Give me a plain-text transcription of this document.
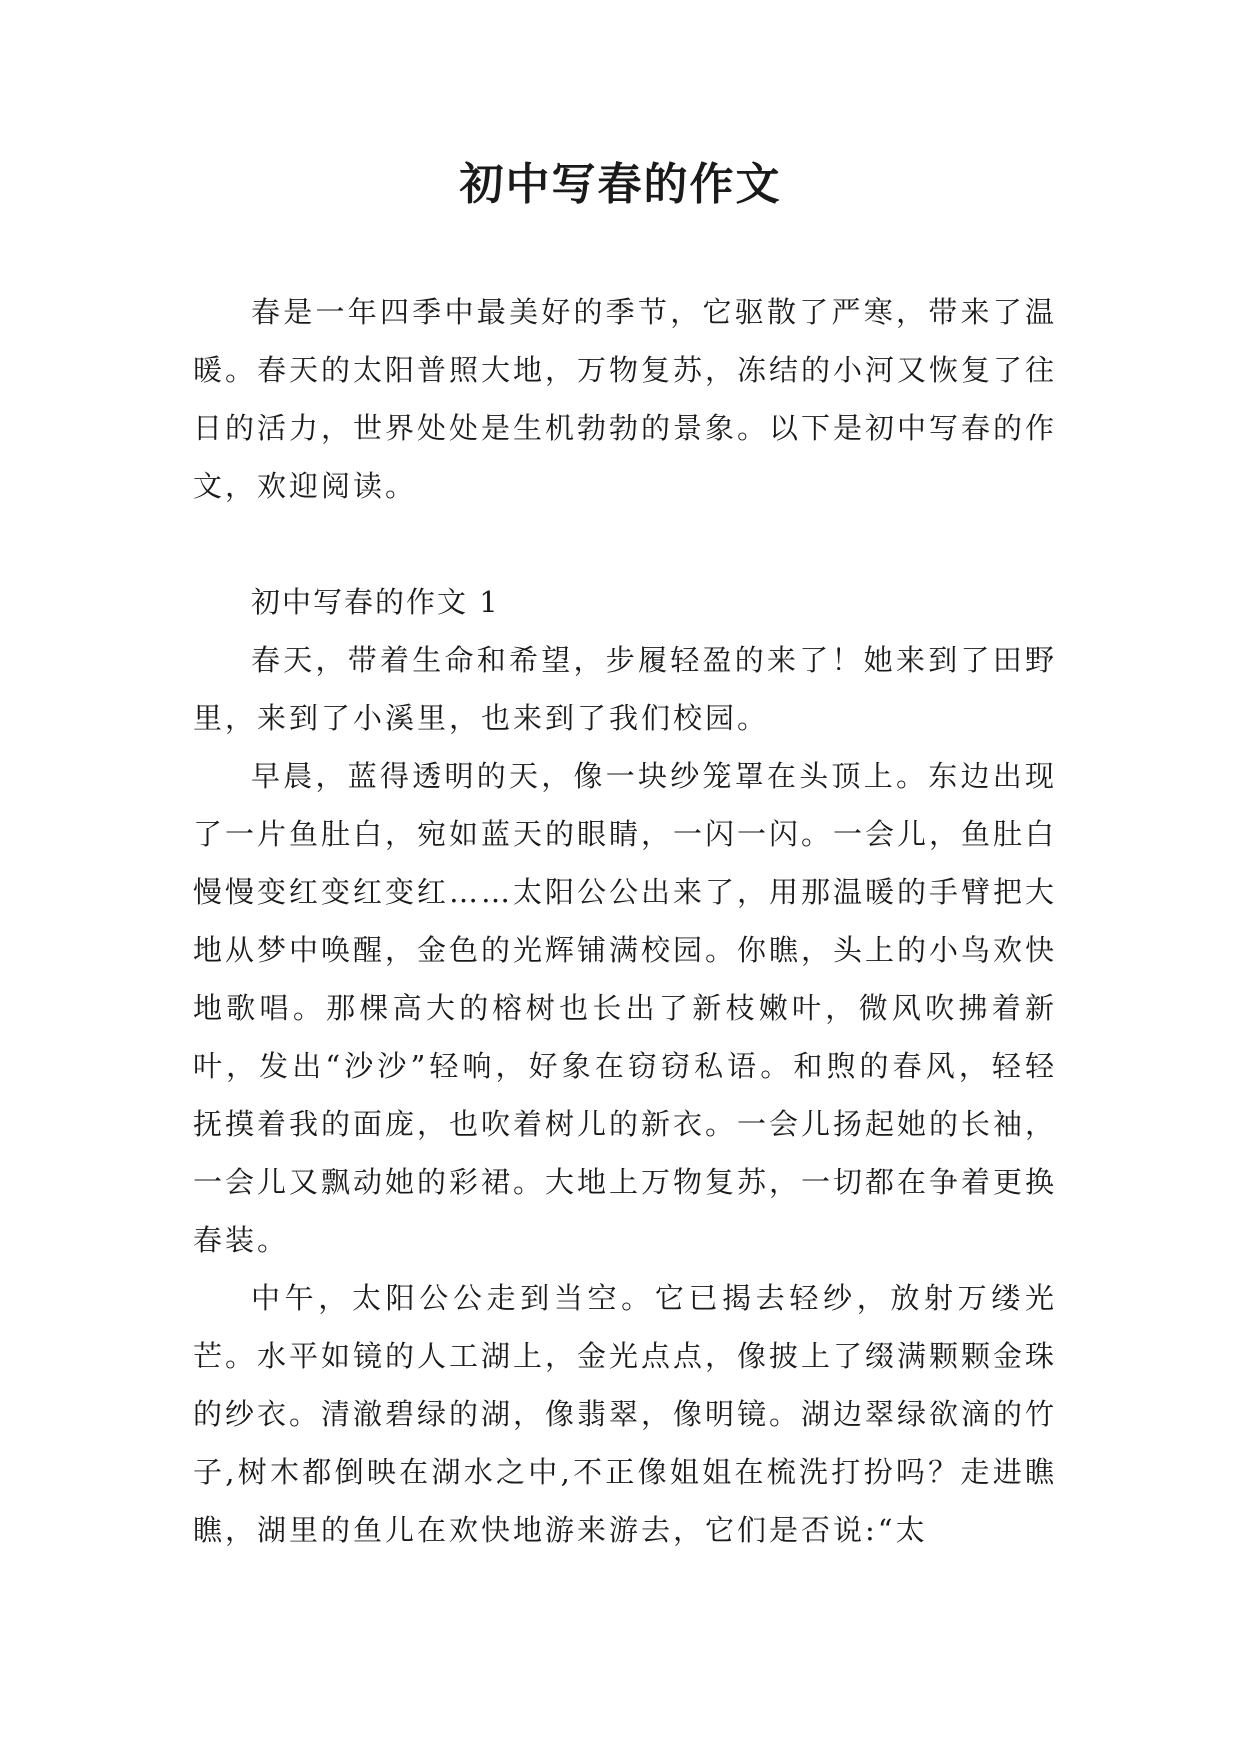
初中写春的作文

春是一年四季中最美好的季节，它驱散了严寒，带来了温暖。春天的太阳普照大地，万物复苏，冻结的小河又恢复了往日的活力，世界处处是生机勃勃的景象。以下是初中写春的作文，欢迎阅读。

初中写春的作文 1

春天，带着生命和希望，步履轻盈的来了！她来到了田野里，来到了小溪里，也来到了我们校园。

早晨，蓝得透明的天，像一块纱笼罩在头顶上。东边出现了一片鱼肚白，宛如蓝天的眼睛，一闪一闪。一会儿，鱼肚白慢慢变红变红变红……太阳公公出来了，用那温暖的手臂把大地从梦中唤醒，金色的光辉铺满校园。你瞧，头上的小鸟欢快地歌唱。那棵高大的榕树也长出了新枝嫩叶，微风吹拂着新叶，发出“沙沙”轻响，好象在窃窃私语。和煦的春风，轻轻抚摸着我的面庞，也吹着树儿的新衣。一会儿扬起她的长袖，一会儿又飘动她的彩裙。大地上万物复苏，一切都在争着更换春装。

中午，太阳公公走到当空。它已揭去轻纱，放射万缕光芒。水平如镜的人工湖上，金光点点，像披上了缀满颗颗金珠的纱衣。清澈碧绿的湖，像翡翠，像明镜。湖边翠绿欲滴的竹子,树木都倒映在湖水之中,不正像姐姐在梳洗打扮吗？走进瞧瞧，湖里的鱼儿在欢快地游来游去，它们是否说:“太
